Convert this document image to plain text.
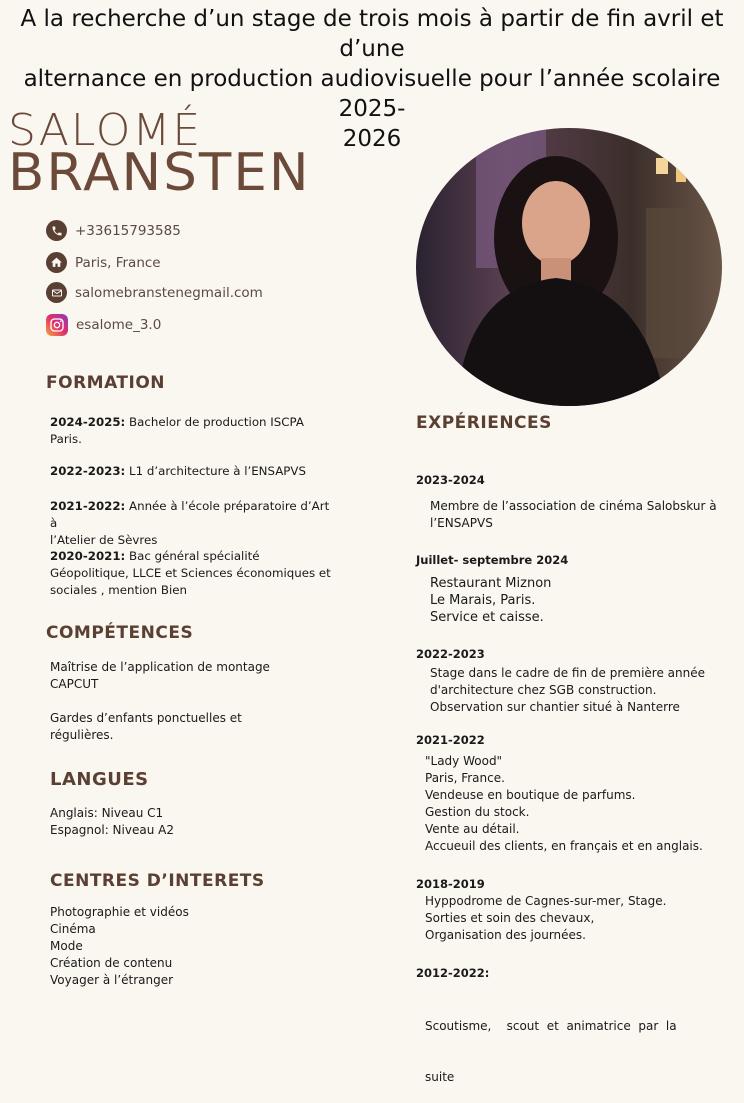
A la recherche d’un stage de trois mois à partir de fin avril et d’une
alternance en production audiovisuelle pour l’année scolaire 2025-
2026
SALOMÉ
BRANSTEN
+33615793585
Paris, France
salomebranstenegmail.com
esalome_3.0
FORMATION
2024-2025: Bachelor de production ISCPA
Paris.
2022-2023: L1 d’architecture à l’ENSAPVS
2021-2022: Année à l’école préparatoire d’Art à
l’Atelier de Sèvres
2020-2021: Bac général spécialité
Géopolitique, LLCE et Sciences économiques et
sociales , mention Bien
COMPÉTENCES
Maîtrise de l’application de montage
CAPCUT
Gardes d’enfants ponctuelles et
régulières.
LANGUES
Anglais: Niveau C1
Espagnol: Niveau A2
CENTRES D’INTERETS
Photographie et vidéos
Cinéma
Mode
Création de contenu
Voyager à l’étranger
EXPÉRIENCES
2023-2024
Membre de l’association de cinéma Salobskur à
l’ENSAPVS
Juillet- septembre 2024
Restaurant Miznon
Le Marais, Paris.
Service et caisse.
2022-2023
Stage dans le cadre de fin de première année
d'architecture chez SGB construction.
Observation sur chantier situé à Nanterre
2021-2022
"Lady Wood"
Paris, France.
Vendeuse en boutique de parfums.
Gestion du stock.
Vente au détail.
Accueuil des clients, en français et en anglais.
2018-2019
Hyppodrome de Cagnes-sur-mer, Stage.
Sorties et soin des chevaux,
Organisation des journées.
2012-2022:

Scoutisme,    scout  et  animatrice  par  la

suite
